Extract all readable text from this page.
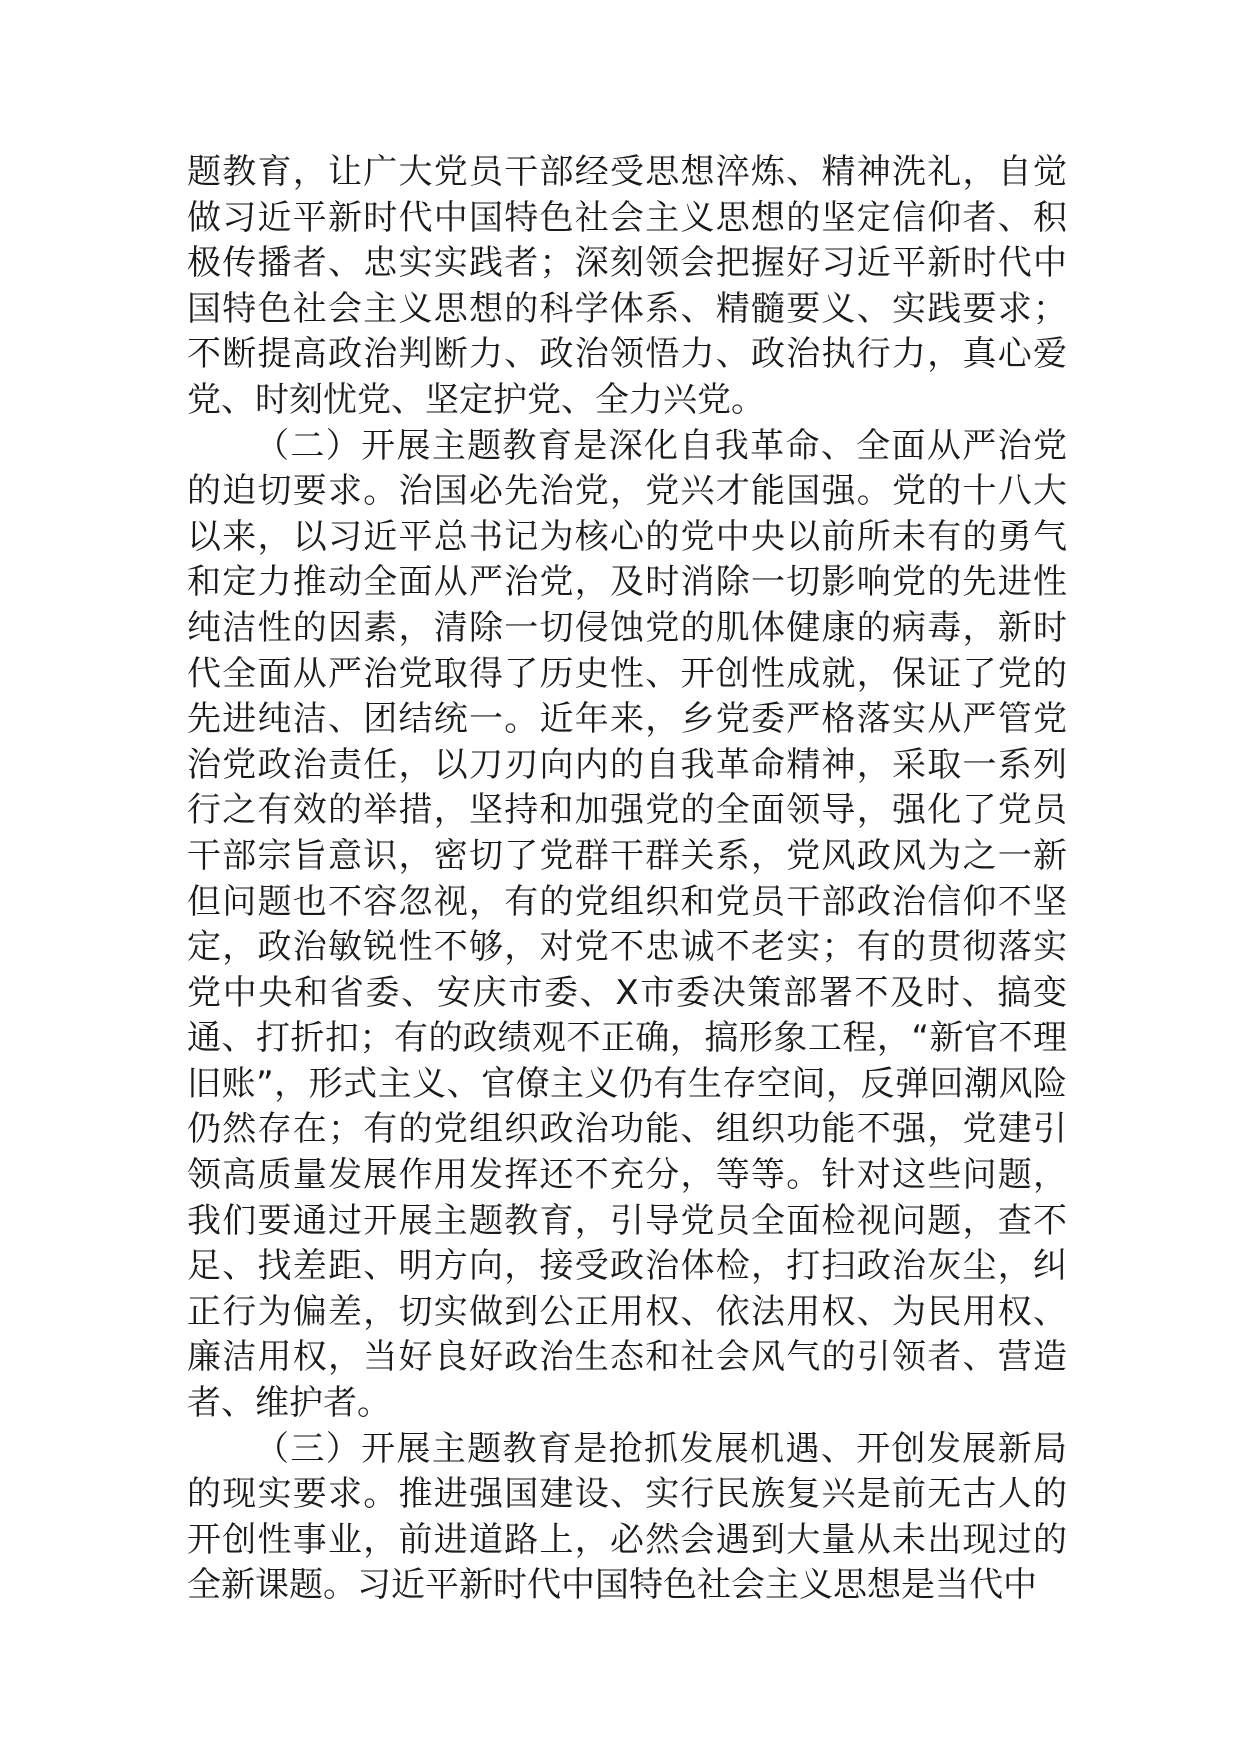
题教育，让广大党员干部经受思想淬炼、精神洗礼，自觉做习近平新时代中国特色社会主义思想的坚定信仰者、积极传播者、忠实实践者；深刻领会把握好习近平新时代中国特色社会主义思想的科学体系、精髓要义、实践要求；不断提高政治判断力、政治领悟力、政治执行力，真心爱党、时刻忧党、坚定护党、全力兴党。

（二）开展主题教育是深化自我革命、全面从严治党的迫切要求。治国必先治党，党兴才能国强。党的十八大以来，以习近平总书记为核心的党中央以前所未有的勇气和定力推动全面从严治党，及时消除一切影响党的先进性纯洁性的因素，清除一切侵蚀党的肌体健康的病毒，新时代全面从严治党取得了历史性、开创性成就，保证了党的先进纯洁、团结统一。近年来，乡党委严格落实从严管党治党政治责任，以刀刃向内的自我革命精神，采取一系列行之有效的举措，坚持和加强党的全面领导，强化了党员干部宗旨意识，密切了党群干群关系，党风政风为之一新但问题也不容忽视，有的党组织和党员干部政治信仰不坚定，政治敏锐性不够，对党不忠诚不老实；有的贯彻落实党中央和省委、安庆市委、X市委决策部署不及时、搞变通、打折扣；有的政绩观不正确，搞形象工程，“新官不理旧账”，形式主义、官僚主义仍有生存空间，反弹回潮风险仍然存在；有的党组织政治功能、组织功能不强，党建引领高质量发展作用发挥还不充分，等等。针对这些问题，我们要通过开展主题教育，引导党员全面检视问题，查不足、找差距、明方向，接受政治体检，打扫政治灰尘，纠正行为偏差，切实做到公正用权、依法用权、为民用权、廉洁用权，当好良好政治生态和社会风气的引领者、营造者、维护者。

（三）开展主题教育是抢抓发展机遇、开创发展新局的现实要求。推进强国建设、实行民族复兴是前无古人的开创性事业，前进道路上，必然会遇到大量从未出现过的全新课题。习近平新时代中国特色社会主义思想是当代中
